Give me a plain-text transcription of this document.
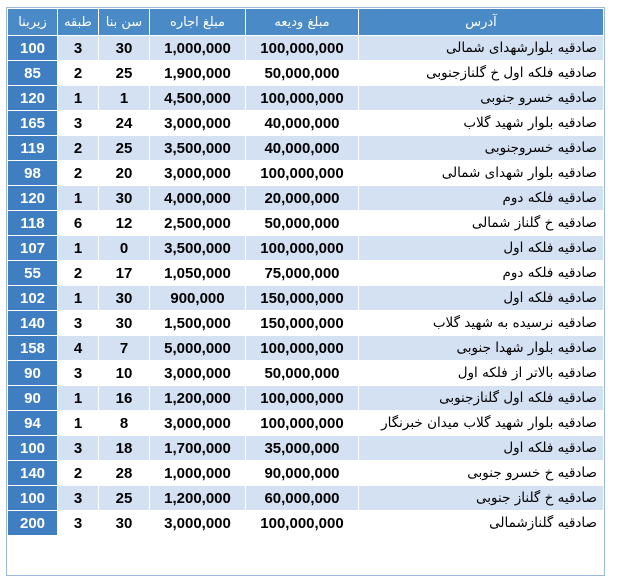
آدرس	مبلغ ودیعه	مبلغ اجاره	سن بنا	طبقه	زیربنا
صادقیه بلوارشهدای شمالی	100,000,000	1,000,000	30	3	100
صادقیه فلکه اول خ گلنازجنوبی	50,000,000	1,900,000	25	2	85
صادقیه خسرو جنوبی	100,000,000	4,500,000	1	1	120
صادقیه بلوار شهید گلاب	40,000,000	3,000,000	24	3	165
صادقیه خسروجنوبی	40,000,000	3,500,000	25	2	119
صادقیه بلوار شهدای شمالی	100,000,000	3,000,000	20	2	98
صادقیه فلکه دوم	20,000,000	4,000,000	30	1	120
صادقیه خ گلناز شمالی	50,000,000	2,500,000	12	6	118
صادقیه فلکه اول	100,000,000	3,500,000	0	1	107
صادقیه فلکه دوم	75,000,000	1,050,000	17	2	55
صادقیه فلکه اول	150,000,000	900,000	30	1	102
صادقیه نرسیده به شهید گلاب	150,000,000	1,500,000	30	3	140
صادقیه بلوار شهدا جنوبی	100,000,000	5,000,000	7	4	158
صادقیه بالاتر از فلکه اول	50,000,000	3,000,000	10	3	90
صادقیه فلکه اول گلنازجنوبی	100,000,000	1,200,000	16	1	90
صادقیه بلوار شهید گلاب میدان خبرنگار	100,000,000	3,000,000	8	1	94
صادقیه فلکه اول	35,000,000	1,700,000	18	3	100
صادقیه خ خسرو جنوبی	90,000,000	1,000,000	28	2	140
صادقیه خ گلناز جنوبی	60,000,000	1,200,000	25	3	100
صادقیه گلنازشمالی	100,000,000	3,000,000	30	3	200
